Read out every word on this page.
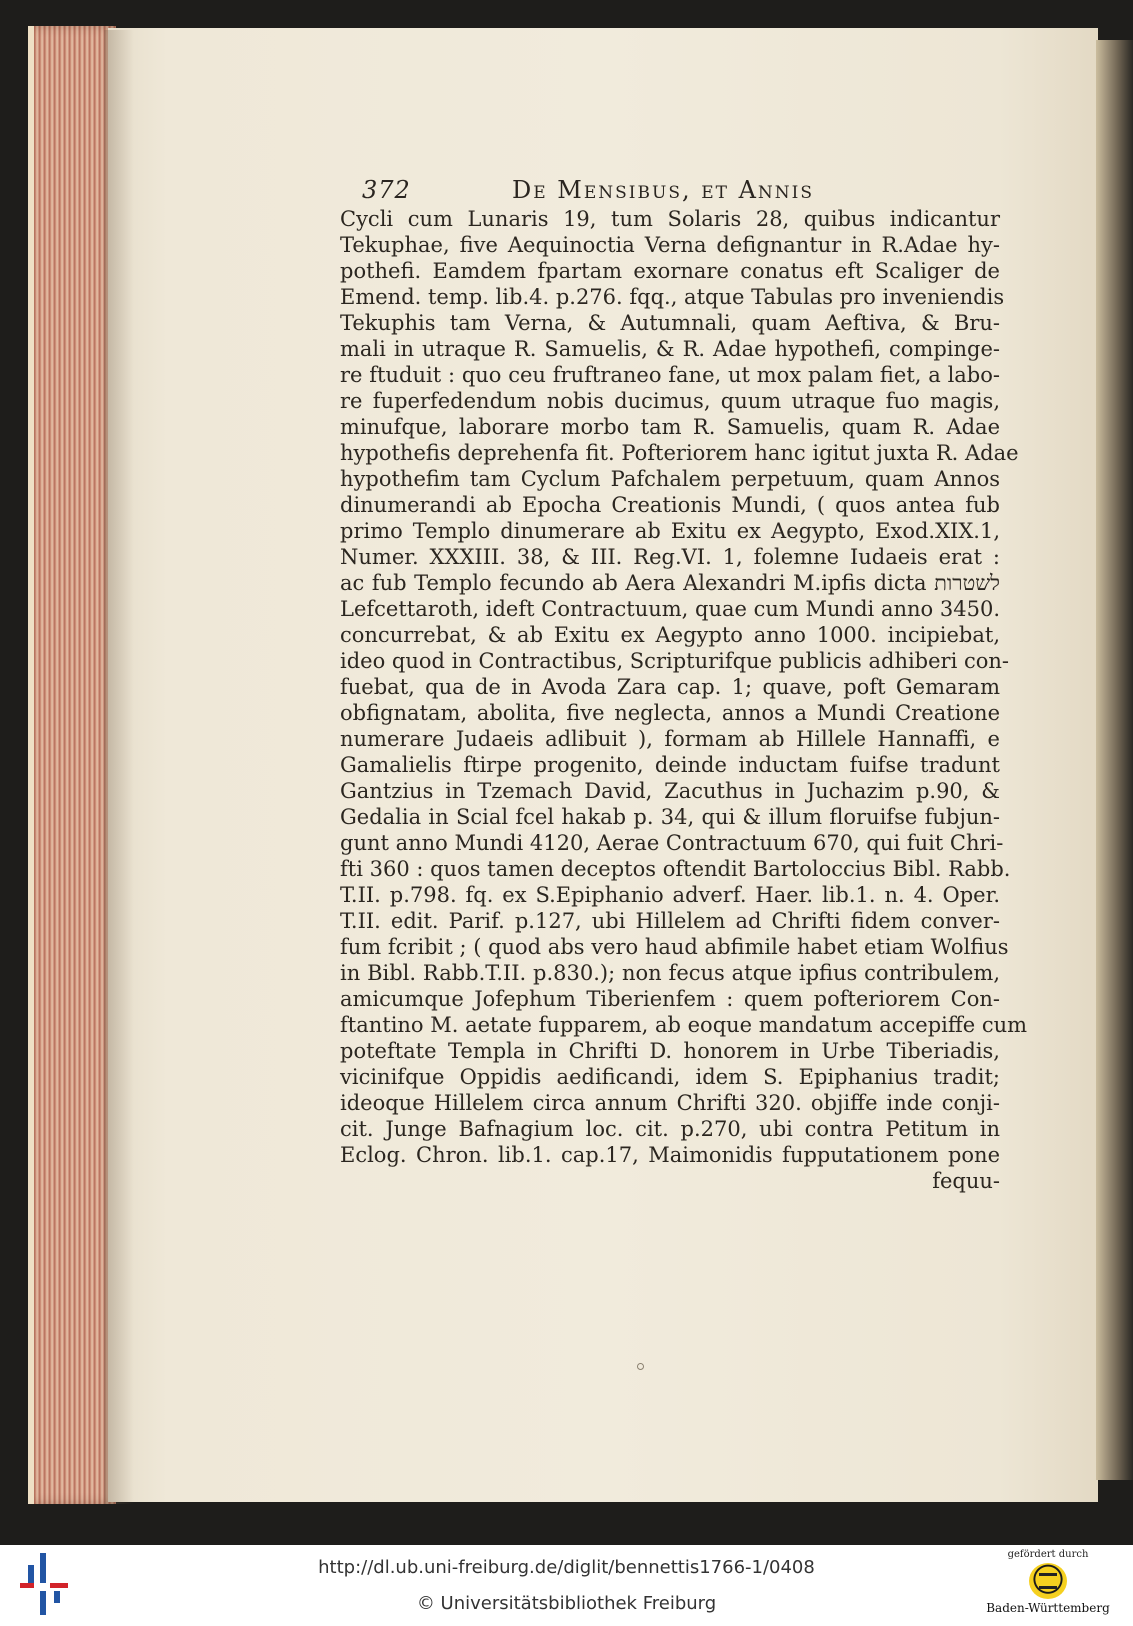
372	De Mensibus, et Annis
Cycli cum Lunaris 19, tum Solaris 28, quibus indicantur
Tekuphae, five Aequinoctia Verna defignantur in R.Adae hy-
pothefi. Eamdem fpartam exornare conatus eft Scaliger de
Emend. temp. lib.4. p.276. fqq., atque Tabulas pro inveniendis
Tekuphis tam Verna, & Autumnali, quam Aeftiva, & Bru-
mali in utraque R. Samuelis, & R. Adae hypothefi, compinge-
re ftuduit : quo ceu fruftraneo fane, ut mox palam fiet, a labo-
re fuperfedendum nobis ducimus, quum utraque fuo magis,
minufque, laborare morbo tam R. Samuelis, quam R. Adae
hypothefis deprehenfa fit. Pofteriorem hanc igitut juxta R. Adae
hypothefim tam Cyclum Pafchalem perpetuum, quam Annos
dinumerandi ab Epocha Creationis Mundi, ( quos antea fub
primo Templo dinumerare ab Exitu ex Aegypto, Exod.XIX.1,
Numer. XXXIII. 38, & III. Reg.VI. 1, folemne Iudaeis erat :
ac fub Templo fecundo ab Aera Alexandri M.ipfis dicta לשטרות
Lefcettaroth, ideft Contractuum, quae cum Mundi anno 3450.
concurrebat, & ab Exitu ex Aegypto anno 1000. incipiebat,
ideo quod in Contractibus, Scripturifque publicis adhiberi con-
fuebat, qua de in Avoda Zara cap. 1; quave, poft Gemaram
obfignatam, abolita, five neglecta, annos a Mundi Creatione
numerare Judaeis adlibuit ), formam ab Hillele Hannaffi, e
Gamalielis ftirpe progenito, deinde inductam fuifse tradunt
Gantzius in Tzemach David, Zacuthus in Juchazim p.90, &
Gedalia in Scial fcel hakab p. 34, qui & illum floruifse fubjun-
gunt anno Mundi 4120, Aerae Contractuum 670, qui fuit Chri-
fti 360 : quos tamen deceptos oftendit Bartoloccius Bibl. Rabb.
T.II. p.798. fq. ex S.Epiphanio adverf. Haer. lib.1. n. 4. Oper.
T.II. edit. Parif. p.127, ubi Hillelem ad Chrifti fidem conver-
fum fcribit ; ( quod abs vero haud abfimile habet etiam Wolfius
in Bibl. Rabb.T.II. p.830.); non fecus atque ipfius contribulem,
amicumque Jofephum Tiberienfem : quem pofteriorem Con-
ftantino M. aetate fupparem, ab eoque mandatum accepiffe cum
poteftate Templa in Chrifti D. honorem in Urbe Tiberiadis,
vicinifque Oppidis aedificandi, idem S. Epiphanius tradit;
ideoque Hillelem circa annum Chrifti 320. objiffe inde conji-
cit. Junge Bafnagium loc. cit. p.270, ubi contra Petitum in
Eclog. Chron. lib.1. cap.17, Maimonidis fupputationem pone
fequu-
http://dl.ub.uni-freiburg.de/diglit/bennettis1766-1/0408
© Universitätsbibliothek Freiburg
gefördert durch
Baden-Württemberg
